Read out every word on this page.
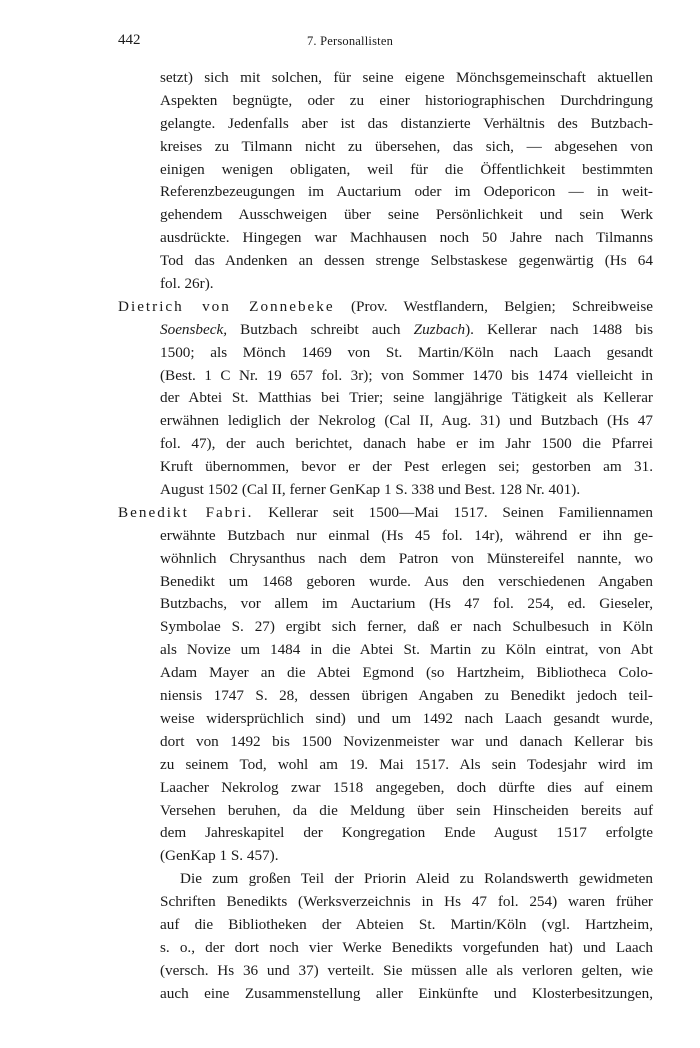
442	7. Personallisten
setzt) sich mit solchen, für seine eigene Mönchsgemeinschaft aktuellen
Aspekten begnügte, oder zu einer historiographischen Durchdringung
gelangte. Jedenfalls aber ist das distanzierte Verhältnis des Butzbach-
kreises zu Tilmann nicht zu übersehen, das sich, — abgesehen von
einigen wenigen obligaten, weil für die Öffentlichkeit bestimmten
Referenzbezeugungen im Auctarium oder im Odeporicon — in weit-
gehendem Ausschweigen über seine Persönlichkeit und sein Werk
ausdrückte. Hingegen war Machhausen noch 50 Jahre nach Tilmanns
Tod das Andenken an dessen strenge Selbstaskese gegenwärtig (Hs 64
fol. 26r).
Dietrich von Zonnebeke (Prov. Westflandern, Belgien; Schreibweise
Soensbeck, Butzbach schreibt auch Zuzbach). Kellerar nach 1488 bis
1500; als Mönch 1469 von St. Martin/Köln nach Laach gesandt
(Best. 1 C Nr. 19 657 fol. 3r); von Sommer 1470 bis 1474 vielleicht in
der Abtei St. Matthias bei Trier; seine langjährige Tätigkeit als Kellerar
erwähnen lediglich der Nekrolog (Cal II, Aug. 31) und Butzbach (Hs 47
fol. 47), der auch berichtet, danach habe er im Jahr 1500 die Pfarrei
Kruft übernommen, bevor er der Pest erlegen sei; gestorben am 31.
August 1502 (Cal II, ferner GenKap 1 S. 338 und Best. 128 Nr. 401).
Benedikt Fabri. Kellerar seit 1500—Mai 1517. Seinen Familiennamen
erwähnte Butzbach nur einmal (Hs 45 fol. 14r), während er ihn ge-
wöhnlich Chrysanthus nach dem Patron von Münstereifel nannte, wo
Benedikt um 1468 geboren wurde. Aus den verschiedenen Angaben
Butzbachs, vor allem im Auctarium (Hs 47 fol. 254, ed. Gieseler,
Symbolae S. 27) ergibt sich ferner, daß er nach Schulbesuch in Köln
als Novize um 1484 in die Abtei St. Martin zu Köln eintrat, von Abt
Adam Mayer an die Abtei Egmond (so Hartzheim, Bibliotheca Colo-
niensis 1747 S. 28, dessen übrigen Angaben zu Benedikt jedoch teil-
weise widersprüchlich sind) und um 1492 nach Laach gesandt wurde,
dort von 1492 bis 1500 Novizenmeister war und danach Kellerar bis
zu seinem Tod, wohl am 19. Mai 1517. Als sein Todesjahr wird im
Laacher Nekrolog zwar 1518 angegeben, doch dürfte dies auf einem
Versehen beruhen, da die Meldung über sein Hinscheiden bereits auf
dem Jahreskapitel der Kongregation Ende August 1517 erfolgte
(GenKap 1 S. 457).
Die zum großen Teil der Priorin Aleid zu Rolandswerth gewidmeten
Schriften Benedikts (Werksverzeichnis in Hs 47 fol. 254) waren früher
auf die Bibliotheken der Abteien St. Martin/Köln (vgl. Hartzheim,
s. o., der dort noch vier Werke Benedikts vorgefunden hat) und Laach
(versch. Hs 36 und 37) verteilt. Sie müssen alle als verloren gelten, wie
auch eine Zusammenstellung aller Einkünfte und Klosterbesitzungen,
